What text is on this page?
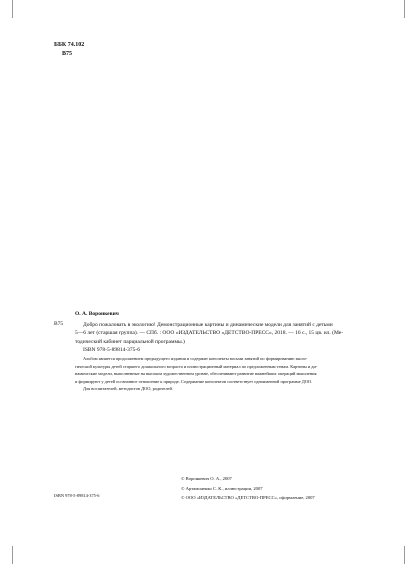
ББК 74.102
В75
О. А. Воронкевич
В75	Добро пожаловать в экологию! Демонстрационные картины и динамические модели для занятий с детьми
5—6 лет (старшая группа). — СПб. : ООО «ИЗДАТЕЛЬСТВО «ДЕТСТВО-ПРЕСС», 2018. — 16 с., 15 цв. ил. (Ме-
тодический кабинет парциальной программы.)
ISBN 978-5-89814-375-6
Альбом является продолжением предыдущего издания и содержит конспекты восьми занятий по формированию эколо-
гической культуры детей старшего дошкольного возраста и иллюстрационный материал по предложенным темам. Картины и ди-
намические модели, выполненные на высоком художественном уровне, обеспечивают развитие важнейших операций мышления
и формируют у детей осознанное отношение к природе. Содержание конспектов соответствует одноименной программе ДОО.
Для воспитателей, методистов ДОО, родителей.
ISBN 978-5-89814-375-6
© Воронкевич О. А., 2007
© Артамоненко С. К., иллюстрации, 2007
© ООО «ИЗДАТЕЛЬСТВО «ДЕТСТВО-ПРЕСС», оформление, 2007
